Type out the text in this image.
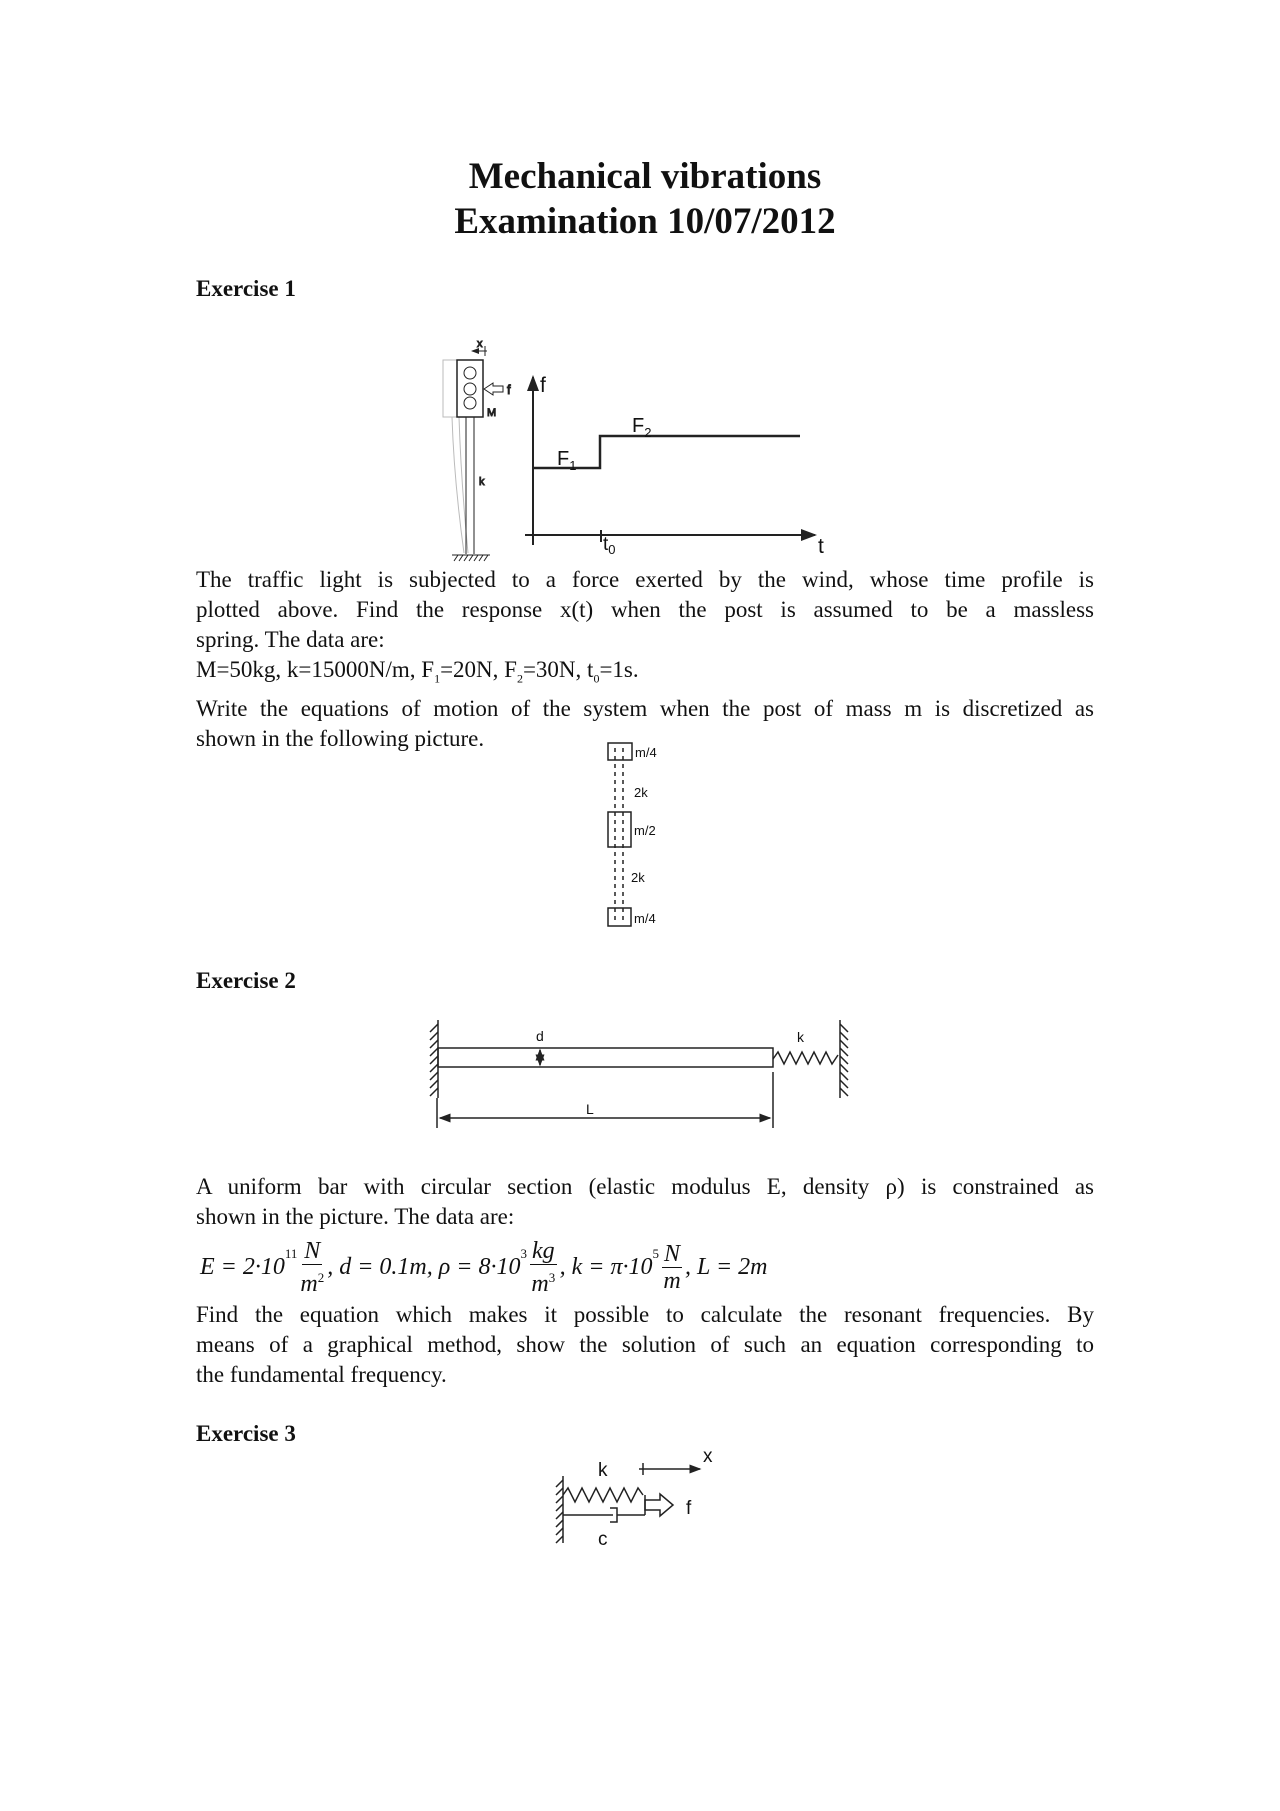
Mechanical vibrations
Examination 10/07/2012
Exercise 1
x
f
M
k
f
t
$F_1$
$F_2$
$t_0$
m/4
2k
m/2
2k
m/4
d	k
L
k
x
f
c
The traffic light is subjected to a force exerted by the wind, whose time profile is
plotted above. Find the response x(t) when the post is assumed to be a massless
spring. The data are:
M=50kg, k=15000N/m, $F_1=20N$, $F_2=30N$, $t_0=1s$.
Write the equations of motion of the system when the post of mass m is discretized as
shown in the following picture.
Exercise 2
A uniform bar with circular section (elastic modulus E, density ρ) is constrained as
shown in the picture. The data are:
E = 2·10
$^{11} \frac{N}{m^2}$ , d = 0.1m, ρ = 8·10
$^3 \frac{kg}{m^3}$ , k = π·10
$^5 \frac{N}{m}$ , L = 2m
Find the equation which makes it possible to calculate the resonant frequencies. By
means of a graphical method, show the solution of such an equation corresponding to
the fundamental frequency.
Exercise 3
